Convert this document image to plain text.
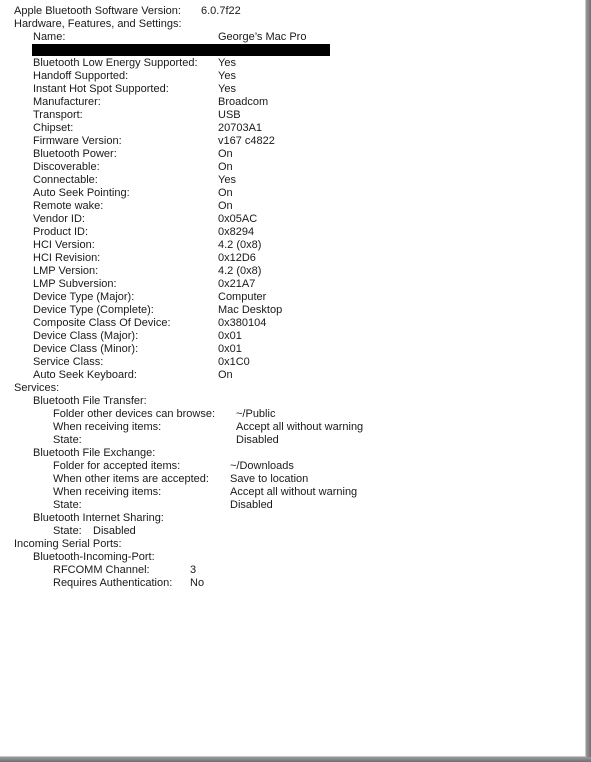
Apple Bluetooth Software Version: 6.0.7f22
Hardware, Features, and Settings:
Name:	George’s Mac Pro
Bluetooth Low Energy Supported: Yes
Handoff Supported:	Yes
Instant Hot Spot Supported:	Yes
Manufacturer:	Broadcom
Transport:	USB
Chipset:	20703A1
Firmware Version:	v167 c4822
Bluetooth Power:	On
Discoverable:	On
Connectable:	Yes
Auto Seek Pointing:	On
Remote wake:	On
Vendor ID:	0x05AC
Product ID:	0x8294
HCI Version:	4.2 (0x8)
HCI Revision:	0x12D6
LMP Version:	4.2 (0x8)
LMP Subversion:	0x21A7
Device Type (Major):	Computer
Device Type (Complete):	Mac Desktop
Composite Class Of Device:	0x380104
Device Class (Major):	0x01
Device Class (Minor):	0x01
Service Class:	0x1C0
Auto Seek Keyboard:	On
Services:
Bluetooth File Transfer:
Folder other devices can browse: ~/Public
When receiving items:	Accept all without warning
State:	Disabled
Bluetooth File Exchange:
Folder for accepted items:	~/Downloads
When other items are accepted: Save to location
When receiving items:	Accept all without warning
State:	Disabled
Bluetooth Internet Sharing:
State: Disabled
Incoming Serial Ports:
Bluetooth-Incoming-Port:
RFCOMM Channel:	3
Requires Authentication: No
